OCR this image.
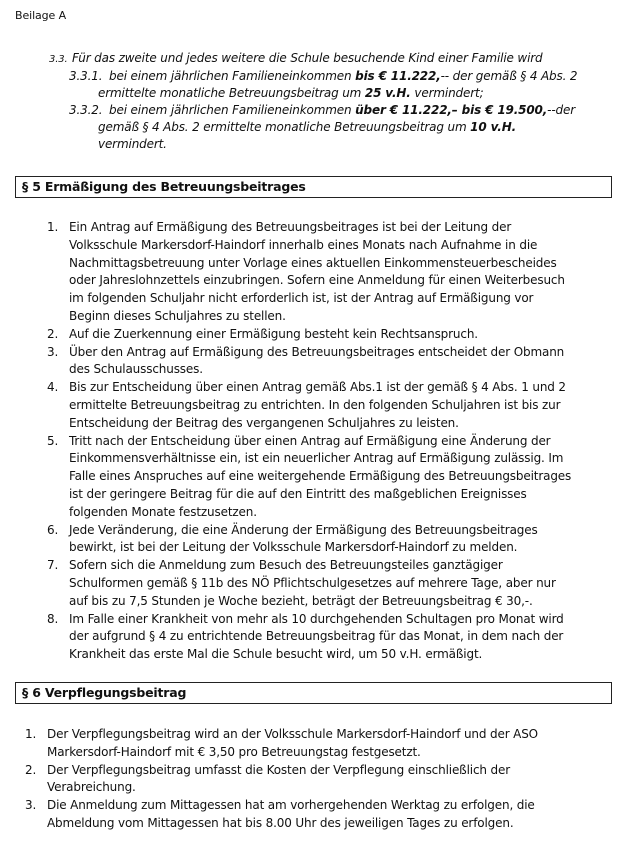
Beilage A
3.3. Für das zweite und jedes weitere die Schule besuchende Kind einer Familie wird
3.3.1. bei einem jährlichen Familieneinkommen bis € 11.222,-- der gemäß § 4 Abs. 2
ermittelte monatliche Betreuungsbeitrag um 25 v.H. vermindert;
3.3.2. bei einem jährlichen Familieneinkommen über € 11.222,– bis € 19.500,--der
gemäß § 4 Abs. 2 ermittelte monatliche Betreuungsbeitrag um 10 v.H.
vermindert.
§ 5 Ermäßigung des Betreuungsbeitrages
1. Ein Antrag auf Ermäßigung des Betreuungsbeitrages ist bei der Leitung der
Volksschule Markersdorf-Haindorf innerhalb eines Monats nach Aufnahme in die
Nachmittagsbetreuung unter Vorlage eines aktuellen Einkommensteuerbescheides
oder Jahreslohnzettels einzubringen. Sofern eine Anmeldung für einen Weiterbesuch
im folgenden Schuljahr nicht erforderlich ist, ist der Antrag auf Ermäßigung vor
Beginn dieses Schuljahres zu stellen.
2. Auf die Zuerkennung einer Ermäßigung besteht kein Rechtsanspruch.
3. Über den Antrag auf Ermäßigung des Betreuungsbeitrages entscheidet der Obmann
des Schulausschusses.
4. Bis zur Entscheidung über einen Antrag gemäß Abs.1 ist der gemäß § 4 Abs. 1 und 2
ermittelte Betreuungsbeitrag zu entrichten. In den folgenden Schuljahren ist bis zur
Entscheidung der Beitrag des vergangenen Schuljahres zu leisten.
5. Tritt nach der Entscheidung über einen Antrag auf Ermäßigung eine Änderung der
Einkommensverhältnisse ein, ist ein neuerlicher Antrag auf Ermäßigung zulässig. Im
Falle eines Anspruches auf eine weitergehende Ermäßigung des Betreuungsbeitrages
ist der geringere Beitrag für die auf den Eintritt des maßgeblichen Ereignisses
folgenden Monate festzusetzen.
6. Jede Veränderung, die eine Änderung der Ermäßigung des Betreuungsbeitrages
bewirkt, ist bei der Leitung der Volksschule Markersdorf-Haindorf zu melden.
7. Sofern sich die Anmeldung zum Besuch des Betreuungsteiles ganztägiger
Schulformen gemäß § 11b des NÖ Pflichtschulgesetzes auf mehrere Tage, aber nur
auf bis zu 7,5 Stunden je Woche bezieht, beträgt der Betreuungsbeitrag € 30,-.
8. Im Falle einer Krankheit von mehr als 10 durchgehenden Schultagen pro Monat wird
der aufgrund § 4 zu entrichtende Betreuungsbeitrag für das Monat, in dem nach der
Krankheit das erste Mal die Schule besucht wird, um 50 v.H. ermäßigt.
§ 6 Verpflegungsbeitrag
1. Der Verpflegungsbeitrag wird an der Volksschule Markersdorf-Haindorf und der ASO
Markersdorf-Haindorf mit € 3,50 pro Betreuungstag festgesetzt.
2. Der Verpflegungsbeitrag umfasst die Kosten der Verpflegung einschließlich der
Verabreichung.
3. Die Anmeldung zum Mittagessen hat am vorhergehenden Werktag zu erfolgen, die
Abmeldung vom Mittagessen hat bis 8.00 Uhr des jeweiligen Tages zu erfolgen.
